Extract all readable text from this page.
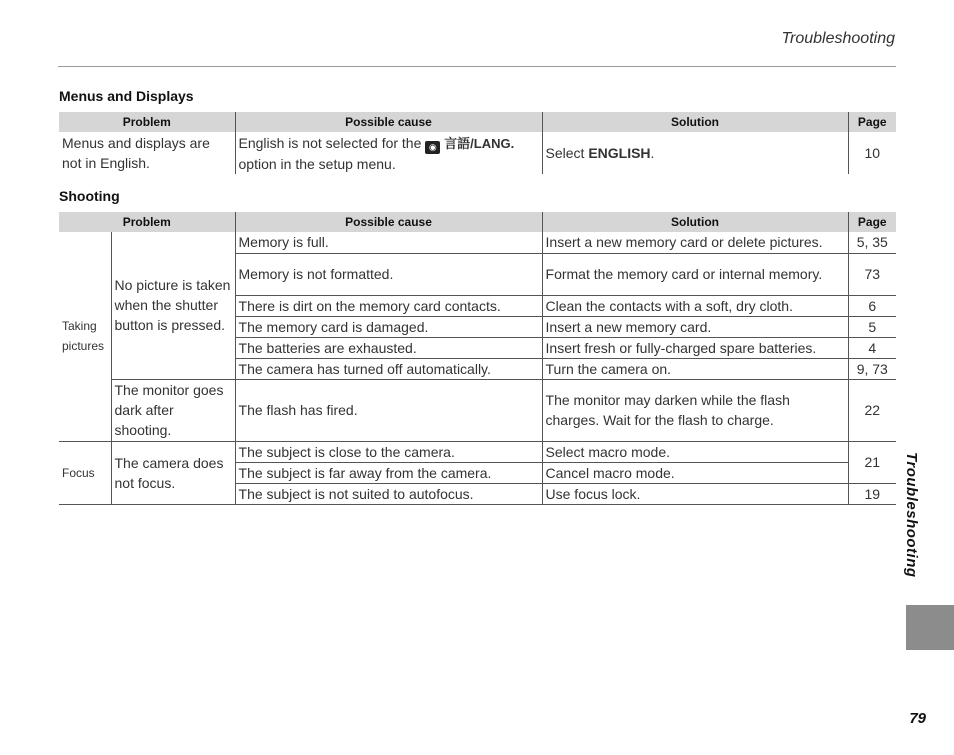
Troubleshooting
Menus and Displays
Problem	Possible cause	Solution	Page
Menus and displays are not in English.	English is not selected for the ◉ 言語/LANG. option in the setup menu.	Select ENGLISH.	10
Shooting
Problem		Possible cause	Solution	Page
Taking pictures	No picture is taken when the shutter button is pressed.	Memory is full.	Insert a new memory card or delete pictures.	5, 35
		Memory is not formatted.	Format the memory card or internal memory.	73
		There is dirt on the memory card contacts.	Clean the contacts with a soft, dry cloth.	6
		The memory card is damaged.	Insert a new memory card.	5
		The batteries are exhausted.	Insert fresh or fully-charged spare batteries.	4
		The camera has turned off automatically.	Turn the camera on.	9, 73
	The monitor goes dark after shooting.	The flash has fired.	The monitor may darken while the flash charges. Wait for the flash to charge.	22
Focus	The camera does not focus.	The subject is close to the camera.	Select macro mode.	21
		The subject is far away from the camera.	Cancel macro mode.	
		The subject is not suited to autofocus.	Use focus lock.	19 Troubleshooting
79
